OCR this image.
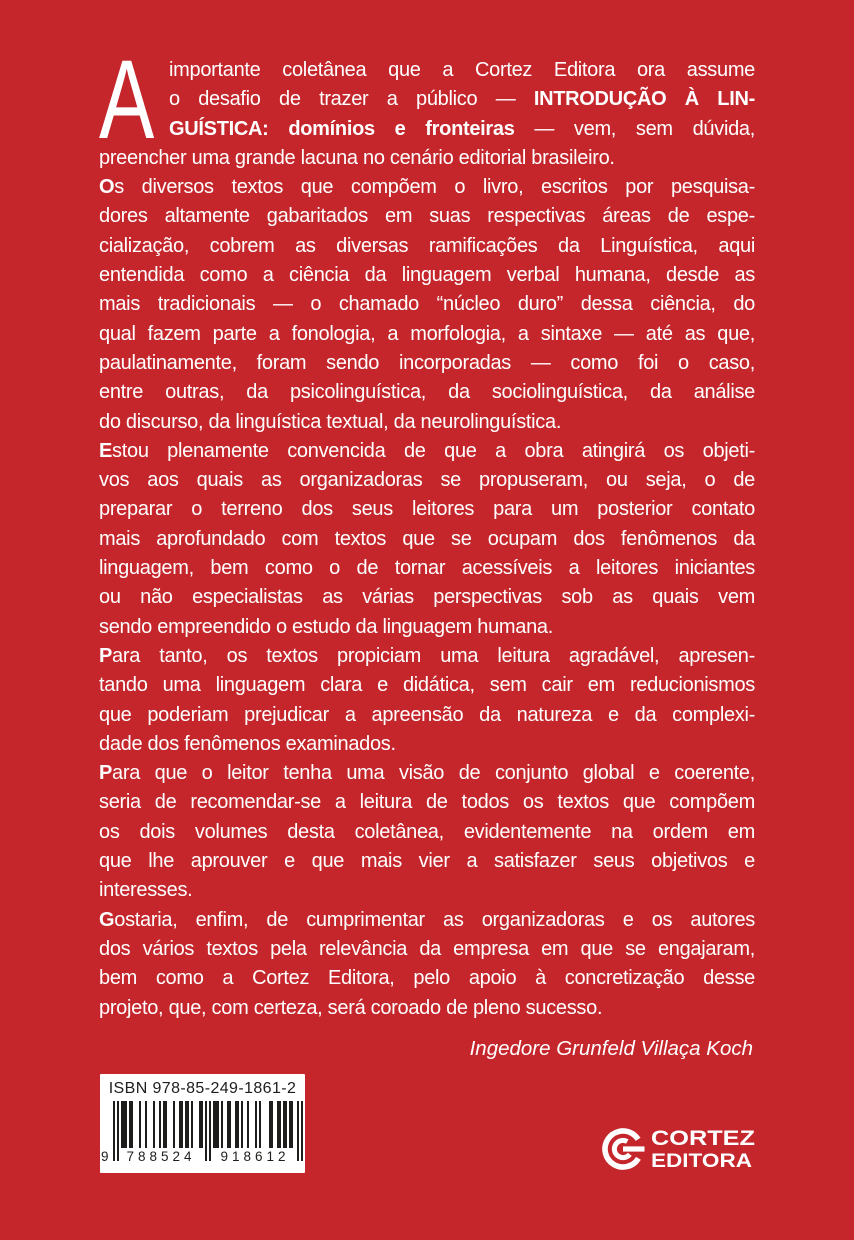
A importante coletânea que a Cortez Editora ora assume
o desafio de trazer a público — INTRODUÇÃO À LIN-
GUÍSTICA: domínios e fronteiras — vem, sem dúvida,
preencher uma grande lacuna no cenário editorial brasileiro.
Os diversos textos que compõem o livro, escritos por pesquisa-
dores altamente gabaritados em suas respectivas áreas de espe-
cialização, cobrem as diversas ramificações da Linguística, aqui
entendida como a ciência da linguagem verbal humana, desde as
mais tradicionais — o chamado “núcleo duro” dessa ciência, do
qual fazem parte a fonologia, a morfologia, a sintaxe — até as que,
paulatinamente, foram sendo incorporadas — como foi o caso,
entre outras, da psicolinguística, da sociolinguística, da análise
do discurso, da linguística textual, da neurolinguística.
Estou plenamente convencida de que a obra atingirá os objeti-
vos aos quais as organizadoras se propuseram, ou seja, o de
preparar o terreno dos seus leitores para um posterior contato
mais aprofundado com textos que se ocupam dos fenômenos da
linguagem, bem como o de tornar acessíveis a leitores iniciantes
ou não especialistas as várias perspectivas sob as quais vem
sendo empreendido o estudo da linguagem humana.
Para tanto, os textos propiciam uma leitura agradável, apresen-
tando uma linguagem clara e didática, sem cair em reducionismos
que poderiam prejudicar a apreensão da natureza e da complexi-
dade dos fenômenos examinados.
Para que o leitor tenha uma visão de conjunto global e coerente,
seria de recomendar-se a leitura de todos os textos que compõem
os dois volumes desta coletânea, evidentemente na ordem em
que lhe aprouver e que mais vier a satisfazer seus objetivos e
interesses.
Gostaria, enfim, de cumprimentar as organizadoras e os autores
dos vários textos pela relevância da empresa em que se engajaram,
bem como a Cortez Editora, pelo apoio à concretização desse
projeto, que, com certeza, será coroado de pleno sucesso.
Ingedore Grunfeld Villaça Koch
ISBN 978-85-249-1861-2
9	788524	918612
CORTEZ
EDITORA
